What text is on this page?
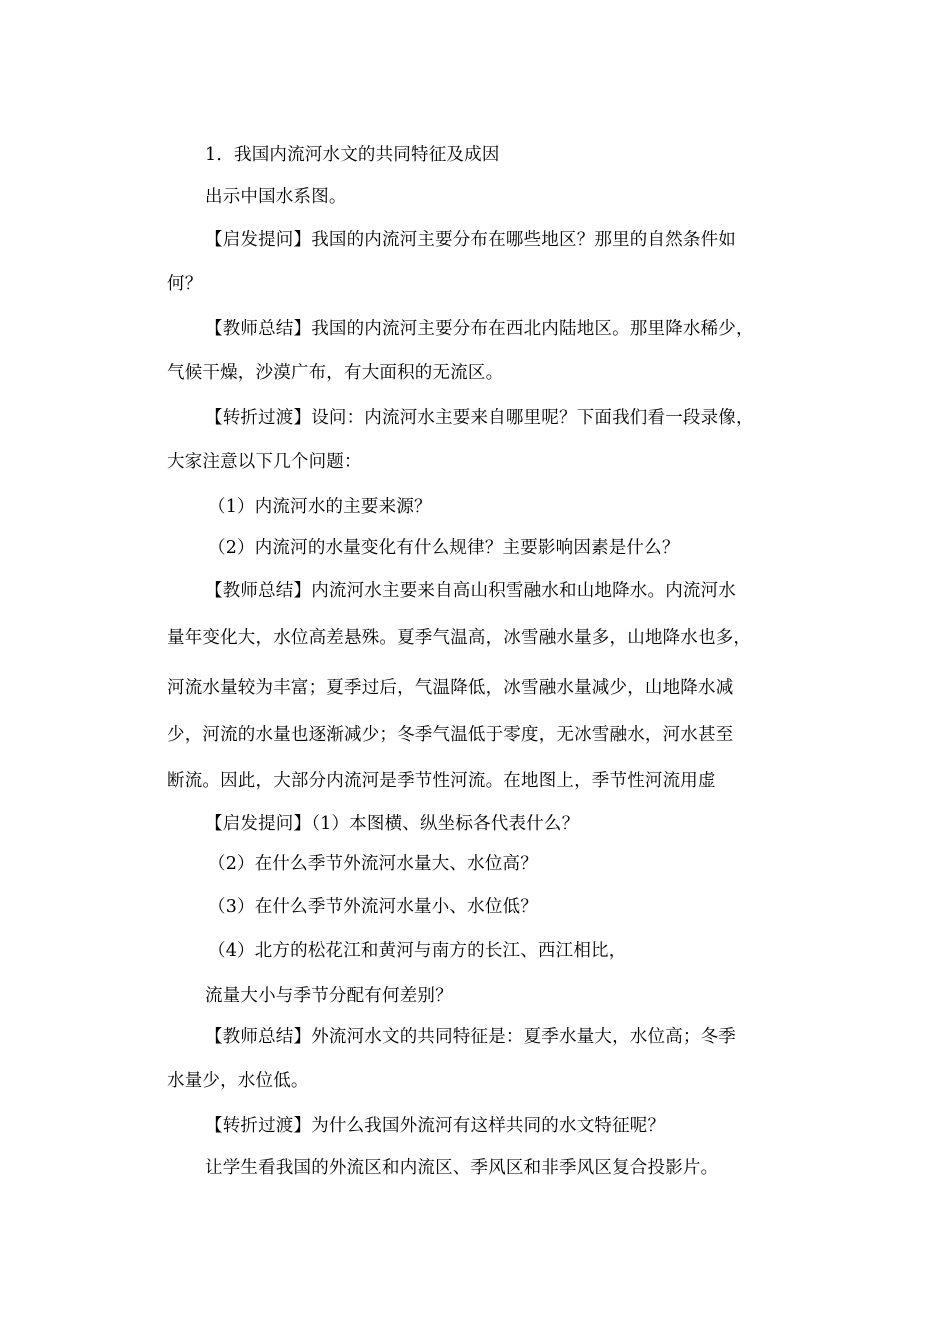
1．我国内流河水文的共同特征及成因
出示中国水系图。
【启发提问】我国的内流河主要分布在哪些地区？那里的自然条件如
何？
【教师总结】我国的内流河主要分布在西北内陆地区。那里降水稀少，
气候干燥，沙漠广布，有大面积的无流区。
【转折过渡】设问：内流河水主要来自哪里呢？下面我们看一段录像，
大家注意以下几个问题：
（1）内流河水的主要来源？
（2）内流河的水量变化有什么规律？主要影响因素是什么？
【教师总结】内流河水主要来自高山积雪融水和山地降水。内流河水
量年变化大，水位高差悬殊。夏季气温高，冰雪融水量多，山地降水也多，
河流水量较为丰富；夏季过后，气温降低，冰雪融水量减少，山地降水减
少，河流的水量也逐渐减少；冬季气温低于零度，无冰雪融水，河水甚至
断流。因此，大部分内流河是季节性河流。在地图上，季节性河流用虚
【启发提问】（1）本图横、纵坐标各代表什么？
（2）在什么季节外流河水量大、水位高？
（3）在什么季节外流河水量小、水位低？
（4）北方的松花江和黄河与南方的长江、西江相比，
流量大小与季节分配有何差别？
【教师总结】外流河水文的共同特征是：夏季水量大，水位高；冬季
水量少，水位低。
【转折过渡】为什么我国外流河有这样共同的水文特征呢？
让学生看我国的外流区和内流区、季风区和非季风区复合投影片。
